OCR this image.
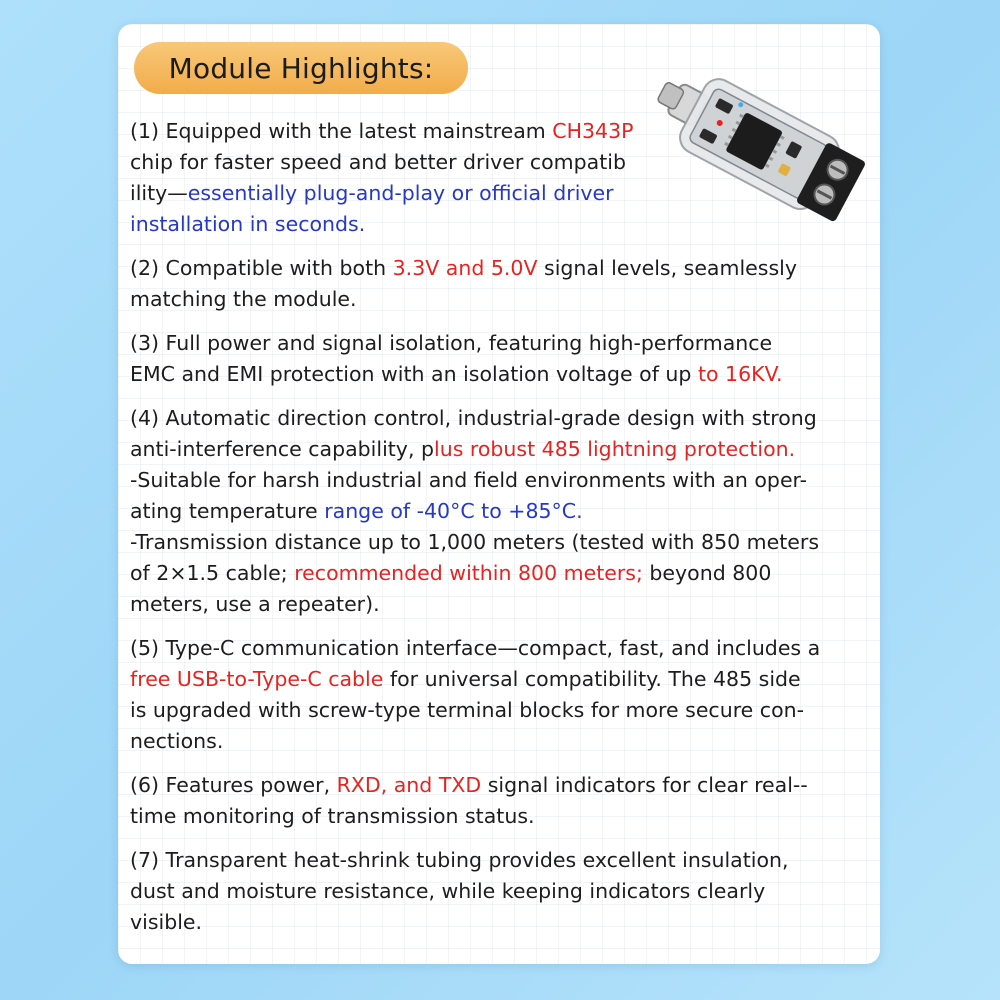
Module Highlights:
(1) Equipped with the latest mainstream CH343P
chip for faster speed and better driver compatib
ility—essentially plug-and-play or official driver
installation in seconds.
(2) Compatible with both 3.3V and 5.0V signal levels, seamlessly
matching the module.
(3) Full power and signal isolation, featuring high-performance
EMC and EMI protection with an isolation voltage of up to 16KV.
(4) Automatic direction control, industrial-grade design with strong
anti-interference capability, plus robust 485 lightning protection.
-Suitable for harsh industrial and field environments with an oper-
ating temperature range of -40°C to +85°C.
-Transmission distance up to 1,000 meters (tested with 850 meters
of 2×1.5 cable; recommended within 800 meters; beyond 800
meters, use a repeater).
(5) Type-C communication interface—compact, fast, and includes a
free USB-to-Type-C cable for universal compatibility. The 485 side
is upgraded with screw-type terminal blocks for more secure con-
nections.
(6) Features power, RXD, and TXD signal indicators for clear real--
time monitoring of transmission status.
(7) Transparent heat-shrink tubing provides excellent insulation,
dust and moisture resistance, while keeping indicators clearly
visible.
